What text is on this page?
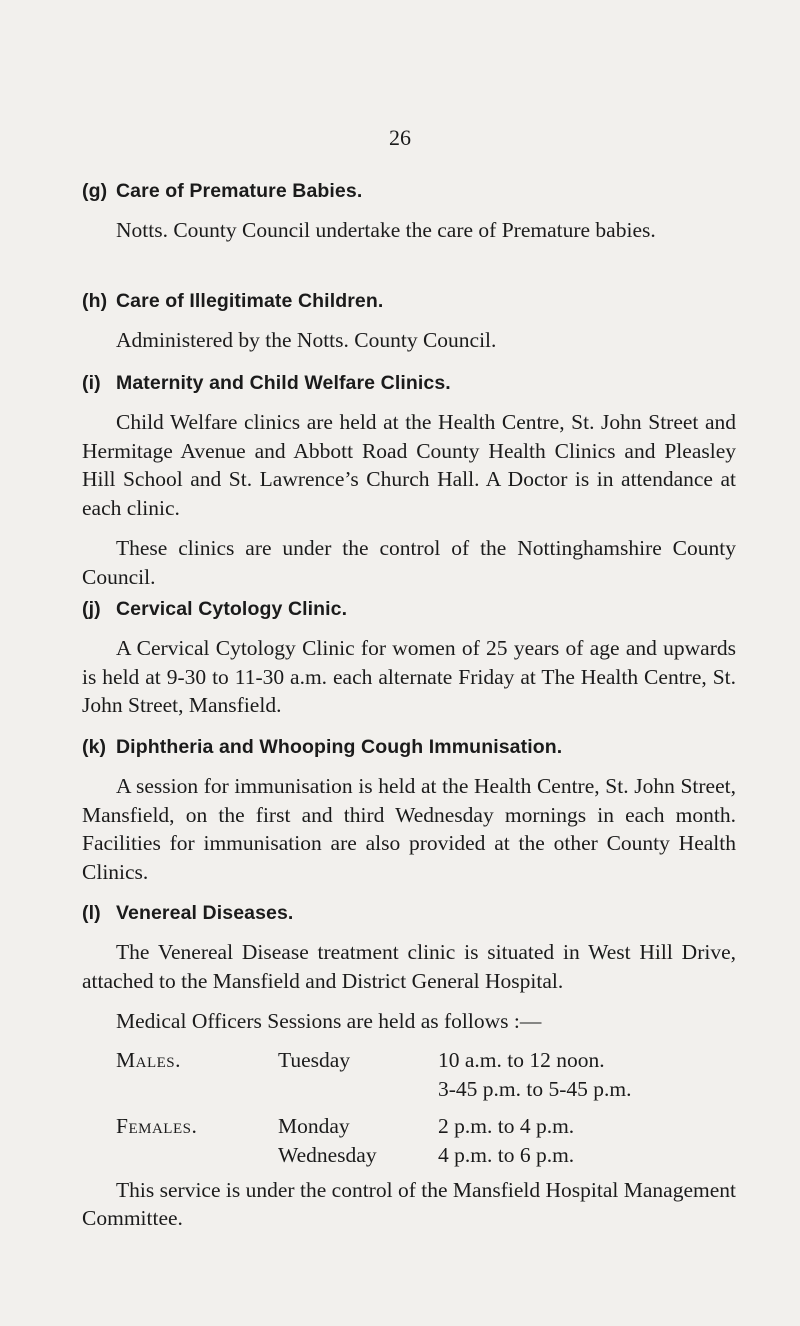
26
(g) Care of Premature Babies.

Notts. County Council undertake the care of Premature babies.

(h) Care of Illegitimate Children.

Administered by the Notts. County Council.

(i) Maternity and Child Welfare Clinics.

Child Welfare clinics are held at the Health Centre, St. John Street and Hermitage Avenue and Abbott Road County Health Clinics and Pleasley Hill School and St. Lawrence’s Church Hall. A Doctor is in attendance at each clinic.

These clinics are under the control of the Nottinghamshire County Council.

(j) Cervical Cytology Clinic.

A Cervical Cytology Clinic for women of 25 years of age and upwards is held at 9-30 to 11-30 a.m. each alternate Friday at The Health Centre, St. John Street, Mansfield.

(k) Diphtheria and Whooping Cough Immunisation.

A session for immunisation is held at the Health Centre, St. John Street, Mansfield, on the first and third Wednesday mornings in each month. Facilities for immunisation are also provided at the other County Health Clinics.

(l) Venereal Diseases.

The Venereal Disease treatment clinic is situated in West Hill Drive, attached to the Mansfield and District General Hospital.

Medical Officers Sessions are held as follows :—

Males.	Tuesday	10 a.m. to 12 noon.
3-45 p.m. to 5-45 p.m.
Females.	Monday	2 p.m. to 4 p.m.
Wednesday	4 p.m. to 6 p.m.

This service is under the control of the Mansfield Hospital Management Committee.
